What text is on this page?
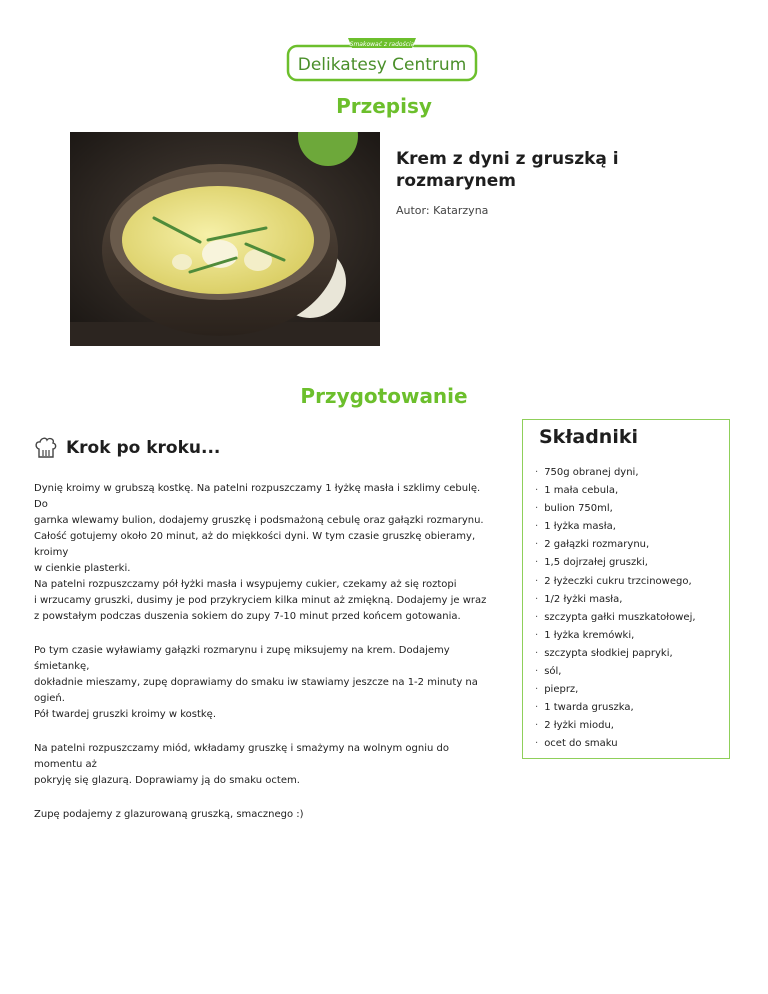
~ Smakować z radością ~
Delikatesy Centrum
Przepisy
Krem z dyni z gruszką i rozmarynem
Autor: Katarzyna
Przygotowanie
Krok po kroku...

Dynię kroimy w grubszą kostkę. Na patelni rozpuszczamy 1 łyżkę masła i szklimy cebulę. Do
garnka wlewamy bulion, dodajemy gruszkę i podsmażoną cebulę oraz gałązki rozmarynu.
Całość gotujemy około 20 minut, aż do miękkości dyni. W tym czasie gruszkę obieramy, kroimy
w cienkie plasterki.
Na patelni rozpuszczamy pół łyżki masła i wsypujemy cukier, czekamy aż się roztopi
i wrzucamy gruszki, dusimy je pod przykryciem kilka minut aż zmiękną. Dodajemy je wraz
z powstałym podczas duszenia sokiem do zupy 7-10 minut przed końcem gotowania.

Po tym czasie wyławiamy gałązki rozmarynu i zupę miksujemy na krem. Dodajemy śmietankę,
dokładnie mieszamy, zupę doprawiamy do smaku iw stawiamy jeszcze na 1-2 minuty na ogień.
Pół twardej gruszki kroimy w kostkę.

Na patelni rozpuszczamy miód, wkładamy gruszkę i smażymy na wolnym ogniu do momentu aż
pokryję się glazurą. Doprawiamy ją do smaku octem.

Zupę podajemy z glazurowaną gruszką, smacznego :)

Składniki
· 750g obranej dyni,
· 1 mała cebula,
· bulion 750ml,
· 1 łyżka masła,
· 2 gałązki rozmarynu,
· 1,5 dojrzałej gruszki,
· 2 łyżeczki cukru trzcinowego,
· 1/2 łyżki masła,
· szczypta gałki muszkatołowej,
· 1 łyżka kremówki,
· szczypta słodkiej papryki,
· sól,
· pieprz,
· 1 twarda gruszka,
· 2 łyżki miodu,
· ocet do smaku
